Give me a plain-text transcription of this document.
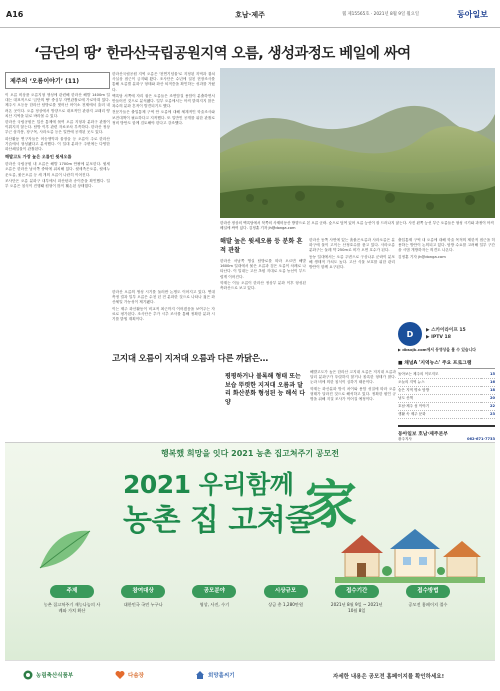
A16	호남·제주	웹 제15565호 · 2021년 8월 9일 월요일	동아일보
‘금단의 땅’ 한라산국립공원지역 오름, 생성과정도 베일에 싸여
제주의 ‘오름이야기’ (11)

이 오름 비상품 오름지형 생성에 관련해 한라산 해발 1400m 일대는 대표적으로 '금단의 땅' 중심부 자연관찰로에 가로막혀 있다. 제주시 오등동 한라산 탐방로를 벗어난 어이소 천제에서 훌러 내려온 곳이다. 오름 정상에서 방향으로 대표적인 관광지 교래리 양치산 지역을 뒤로 바라볼 수 있다.

한라산 국립공원은 입산 통제에 묶여 오름 지형과 분화구 관찰이 이뤄지지 않는다. 탐방 이후 관련 자료조차 부족하다. 한라산 정상 부근 삼각봉, 장구목, 사라오름 등은 일반에 공개된 곳도 있다.

화산활동 연구자들은 어승생악과 물장올 등 오름이 주로 한라산 기슭에서 형성됐다고 분석했다. 이 일대 분화구 주변에는 다양한 화산쇄설물이 관찰된다.

해발고도 가장 높은 오름인 윗세오름

한라산 국립공원 내 오름은 해발 1700m 안팎에 분포한다. 윗세오름은 한라산 남서쪽 중턱에 위치해 있다. 윗세족은오름, 윗세누운오름, 붉은오름 등 세 개의 오름이 나란히 이어진다.

조사단은 오름 분화구 내부에서 화산탄과 송이층을 확인했다. 일부 오름은 침식이 진행돼 원형이 많이 훼손된 상태였다.

한라산국립공원 지역 오름은 '천연기념물'로 지정된 지역과 겹쳐 사실상 접근이 금지돼 왔다. 조사단은 수년에 걸친 현장조사를 통해 오름별 분화구 형태와 화산 퇴적층을 확인하는 성과를 거뒀다.

백록담 서쪽에 자리 잡은 오름들은 조면암질 용암이 분출하면서 만들어진 것으로 분석됐다. 일부 오름에서는 아직 밝혀지지 않은 복수의 분화 흔적이 발견되기도 했다.

전문가들은 출입통제 구역 안 오름에 대해 체계적인 학술조사와 보전대책이 필요하다고 지적했다. 또 일반인 공개를 위한 관찰로 정비 방안도 함께 검토해야 한다고 강조했다.

한라산 오름의 생성 시기를 둘러싼 논쟁도 이어지고 있다. 연대측정 결과 일부 오름은 수천 년 전 분화한 것으로 나타나 젊은 화산체일 가능성이 제기됐다.

이는 제주 화산활동이 비교적 최근까지 이어졌음을 보여주는 자료로 평가된다. 조사단은 추가 시추 조사를 통해 정확한 분화 시기를 밝힐 계획이다.

한라산 정상의 백록담에서 북쪽의 사제비동산 방향으로 본 오름 군락. 숲으로 덮여 있어 오름 능선이 잘 드러나지 않는다. 사진 왼쪽 능선 부근 오름들은 형성 시기와 과정이 아직 베일에 싸여 있다. 김정훈 기자 jh@donga.com
해발 높은 윗세오름 등 분화 흔적 관찰

한라산 서남쪽 영실 탐방로를 따라 오르면 해발 1600m 일대에서 붉은 오름과 검은 오름이 차례로 나타난다. 이 일대는 고산 초원 지대로 오름 능선이 부드럽게 이어진다.

학계는 이들 오름이 한라산 정상부 분화 이후 형성된 측화산으로 보고 있다.

한라산 동쪽 사면에 있는 흙붉은오름과 사라오름은 분화구에 물이 고이는 산정호수를 품고 있다. 사라오름 분화구는 둘레 약 250m로 비가 오면 호수가 된다.

동능 일대에서는 오름 주변으로 구상나무 군락이 분포해 생태적 가치도 높다. 고산 식물 보호를 위한 관리 방안이 함께 요구된다.

출입통제 구역 내 오름에 대해 학술 목적의 제한적 접근을 허용하는 방안이 논의되고 있다. 탐방 수요를 고려해 일부 구간을 시범 개방하자는 의견도 나온다.

김정훈 기자 jh@donga.com

고지대 오름이 지저대 오름과 다른 까닭은…
평평하거나 볼록해 형태 또는 보습 뚜렷한 지저대 오름과 달리 화산분화 형성된 능 해석 다양

해발고도가 높은 한라산 고지대 오름은 저지대 오름과 달리 분화구가 뚜렷하지 않거나 볼록한 형태가 많다. 눈과 비에 의한 침식이 심하기 때문이다.

학계는 화산분화 방식 차이와 용암 성질에 따라 오름 형태가 달라진 것으로 해석하고 있다. 정확한 원인 규명을 위해 지질 조사가 이어질 예정이다.

D	▶ 스카이라이프 15
▶ IPTV 18
▶ dbsojk.com에서 동영상을 볼 수 있습니다
■ 채널A '지역뉴스' 주요 프로그램
돌아보는 제주의 이모저모	15
오늘의 지역 뉴스	16
숨은 지역 명소 탐방	18
남도 산책	20
호남·제주 섬 이야기	22
생활 속 제주 문화	23
동아일보 호남·제주본부
광주지사	062-671-7733
행복했 희망을 잇다 2021 농촌 집고쳐주기 공모전
2021 우리함께
농촌 집 고쳐줄
家
주제
농촌 집고쳐주기 재능나눔의 사례와 가치 확산
참여대상
대한민국 국민 누구나
공모분야
영상, 사진, 수기
시상규모
상금 총 1,280만원
접수기간
2021년 8월 9일 ~ 2021년 10월 8일
접수방법
공모전 홈페이지 접수
농림축산식품부	다솜장	희망홀씨기	자세한 내용은 공모전 홈페이지를 확인하세요!
